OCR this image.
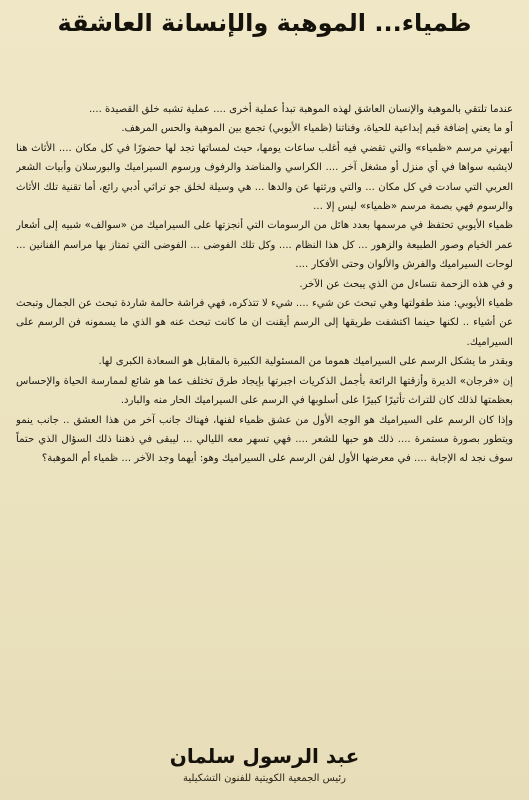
ظمياء... الموهبة والإنسانة العاشقة

عندما تلتقي بالموهبة والإنسان العاشق لهذه الموهبة تبدأ عملية أخرى .... عملية تشبه خلق القصيدة ....

أو ما يعني إضافة قيم إبداعية للحياة، وفناتنا (ظمياء الأيوبي) تجمع بين الموهبة والحس المرهف.

أبهرني مرسم «ظمياء» والتي تقضي فيه أغلب ساعات يومها، حيث لمساتها تجد لها حضورًا في كل مكان .... الأثاث هنا لايشبه سواها في أي منزل أو مشغل آخر .... الكراسي والمناضد والرفوف ورسوم السيراميك والبورسلان وأبيات الشعر العربي التي سادت في كل مكان ... والتي ورثتها عن والدها ... هي وسيلة لخلق جو تراثي أدبي رائع، أما تقنية تلك الأثاث والرسوم فهي بصمة مرسم «ظمياء» ليس إلا ...

ظمياء الأيوبي تحتفظ في مرسمها بعدد هائل من الرسومات التي أنجزتها على السيراميك من «سوالف» شبيه إلى أشعار عمر الخيام وصور الطبيعة والزهور ... كل هذا النظام .... وكل تلك الفوضى ... الفوضى التي تمتاز بها مراسم الفنانين ... لوحات السيراميك والفرش والألوان وحتى الأفكار ....

و في هذه الزحمة نتساءل من الذي يبحث عن الآخر.

ظمياء الأيوبي: منذ طفولتها وهي تبحث عن شيء .... شيء لا تتذكره، فهي فراشة حالمة شاردة تبحث عن الجمال وتبحث عن أشياء .. لكنها حينما اكتشفت طريقها إلى الرسم أيقنت ان ما كانت تبحث عنه هو الذي ما يسمونه فن الرسم على السيراميك.

وبقدر ما يشكل الرسم على السيراميك هموما من المسئولية الكبيرة بالمقابل هو السعادة الكبرى لها.

إن «فرجان» الديرة وأزقتها الرائعة بأجمل الذكريات اجبرتها بإيجاد طرق تختلف عما هو شائع لممارسة الحياة والإحساس بعظمتها لذلك كان للتراث تأثيرًا كبيرًا على أسلوبها في الرسم على السيراميك الحار منه والبارد.

وإذا كان الرسم على السيراميك هو الوجه الأول من عشق ظمياء لفنها، فهناك جانب آخر من هذا العشق .. جانب ينمو ويتطور بصورة مستمرة .... ذلك هو حبها للشعر .... فهي تسهر معه الليالي ... ليبقى في ذهننا ذلك السؤال الذي حتماً سوف نجد له الإجابة .... في معرضها الأول لفن الرسم على السيراميك وهو: أيهما وجد الآخر ... ظمياء أم الموهبة؟

عبد الرسول سلمان
رئيس الجمعية الكويتية للفنون التشكيلية
